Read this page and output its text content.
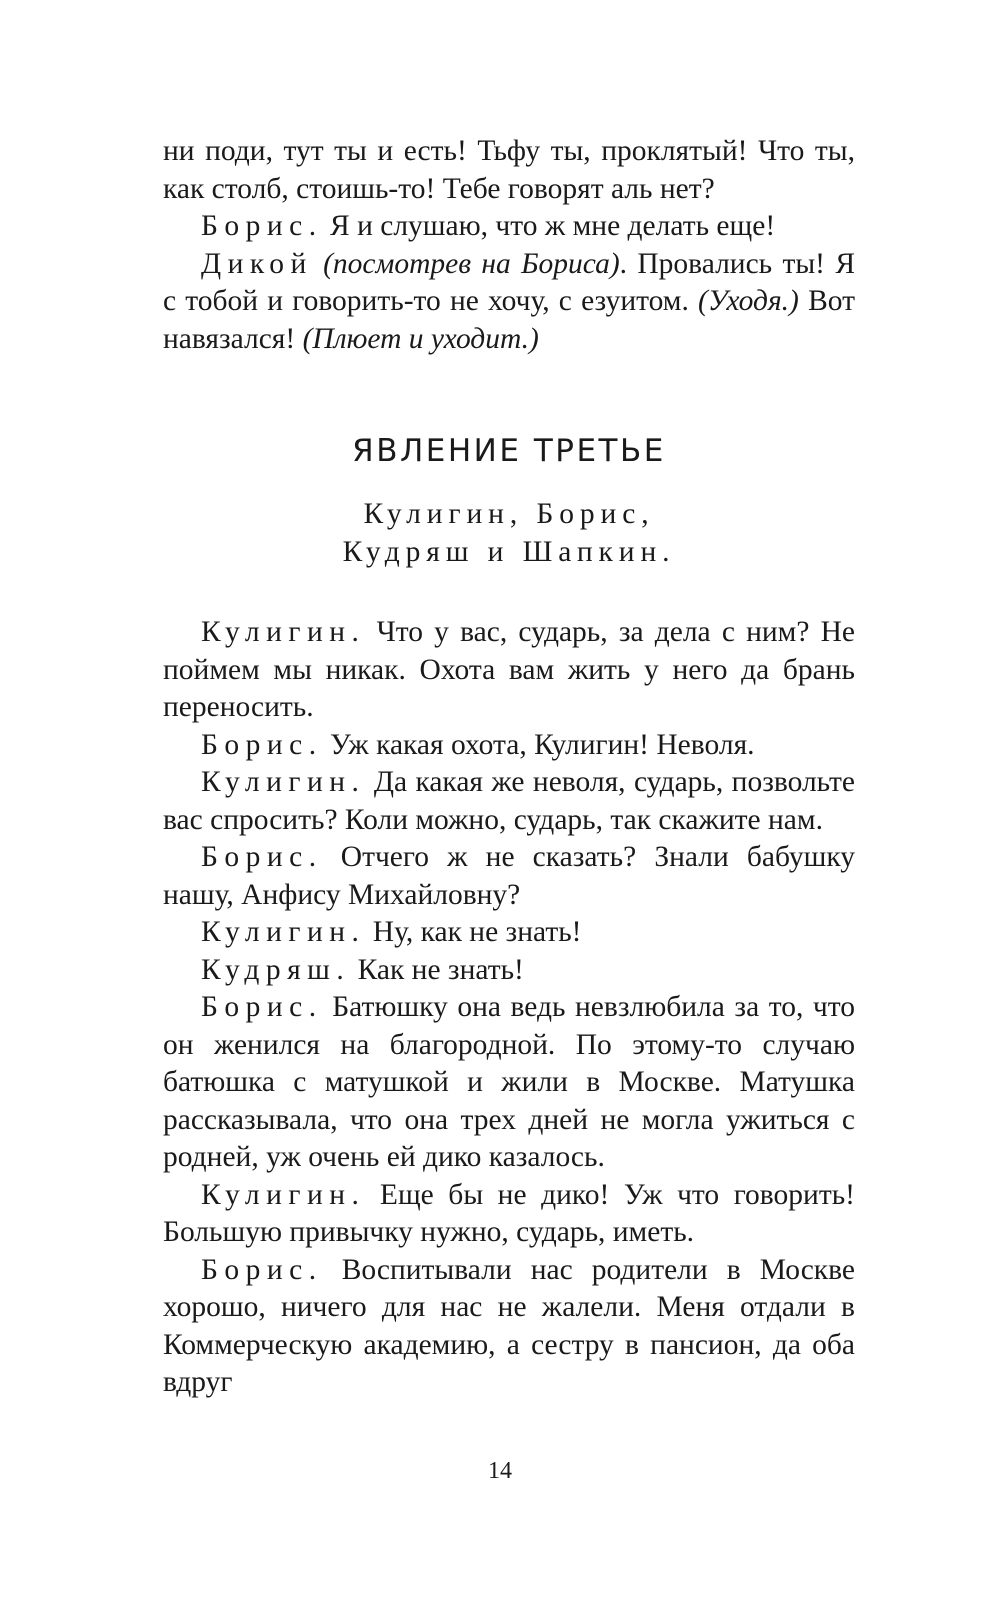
ни поди, тут ты и есть! Тьфу ты, проклятый! Что ты, как столб, стоишь-то! Тебе говорят аль нет?

Борис. Я и слушаю, что ж мне делать еще!

Дикой (посмотрев на Бориса). Провались ты! Я с тобой и говорить-то не хочу, с езуитом. (Уходя.) Вот навязался! (Плюет и уходит.)

ЯВЛЕНИЕ ТРЕТЬЕ
Кулигин, Борис,
Кудряш и Шапкин.

Кулигин. Что у вас, сударь, за дела с ним? Не поймем мы никак. Охота вам жить у него да брань переносить.

Борис. Уж какая охота, Кулигин! Неволя.

Кулигин. Да какая же неволя, сударь, позвольте вас спросить? Коли можно, сударь, так скажите нам.

Борис. Отчего ж не сказать? Знали бабушку нашу, Анфису Михайловну?

Кулигин. Ну, как не знать!

Кудряш. Как не знать!

Борис. Батюшку она ведь невзлюбила за то, что он женился на благородной. По этому-то случаю батюшка с матушкой и жили в Москве. Матушка рассказывала, что она трех дней не могла ужиться с родней, уж очень ей дико казалось.

Кулигин. Еще бы не дико! Уж что говорить! Большую привычку нужно, сударь, иметь.

Борис. Воспитывали нас родители в Москве хорошо, ничего для нас не жалели. Меня отдали в Коммерческую академию, а сестру в пансион, да оба вдруг

14
